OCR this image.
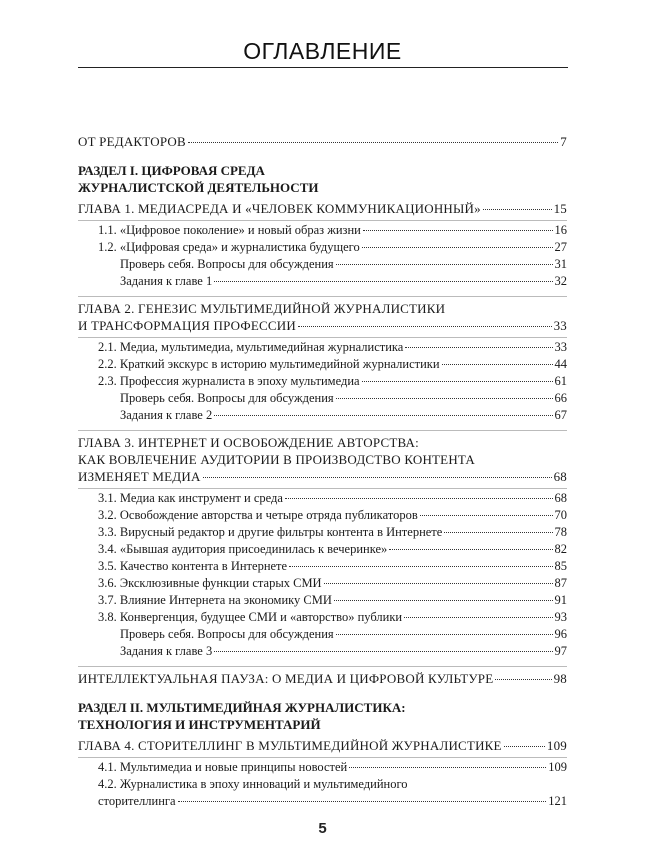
ОГЛАВЛЕНИЕ
ОТ РЕДАКТОРОВ	7
РАЗДЕЛ I. ЦИФРОВАЯ СРЕДА
ЖУРНАЛИСТСКОЙ ДЕЯТЕЛЬНОСТИ
ГЛАВА 1. МЕДИАСРЕДА И «ЧЕЛОВЕК КОММУНИКАЦИОННЫЙ»	15
1.1. «Цифровое поколение» и новый образ жизни	16
1.2. «Цифровая среда» и журналистика будущего	27
Проверь себя. Вопросы для обсуждения	31
Задания к главе 1	32
ГЛАВА 2. ГЕНЕЗИС МУЛЬТИМЕДИЙНОЙ ЖУРНАЛИСТИКИ
И ТРАНСФОРМАЦИЯ ПРОФЕССИИ	33
2.1. Медиа, мультимедиа, мультимедийная журналистика	33
2.2. Краткий экскурс в историю мультимедийной журналистики	44
2.3. Профессия журналиста в эпоху мультимедиа	61
Проверь себя. Вопросы для обсуждения	66
Задания к главе 2	67
ГЛАВА 3. ИНТЕРНЕТ И ОСВОБОЖДЕНИЕ АВТОРСТВА:
КАК ВОВЛЕЧЕНИЕ АУДИТОРИИ В ПРОИЗВОДСТВО КОНТЕНТА
ИЗМЕНЯЕТ МЕДИА	68
3.1. Медиа как инструмент и среда	68
3.2. Освобождение авторства и четыре отряда публикаторов	70
3.3. Вирусный редактор и другие фильтры контента в Интернете	78
3.4. «Бывшая аудитория присоединилась к вечеринке»	82
3.5. Качество контента в Интернете	85
3.6. Эксклюзивные функции старых СМИ	87
3.7. Влияние Интернета на экономику СМИ	91
3.8. Конвергенция, будущее СМИ и «авторство» публики	93
Проверь себя. Вопросы для обсуждения	96
Задания к главе 3	97
ИНТЕЛЛЕКТУАЛЬНАЯ ПАУЗА: О МЕДИА И ЦИФРОВОЙ КУЛЬТУРЕ	98
РАЗДЕЛ II. МУЛЬТИМЕДИЙНАЯ ЖУРНАЛИСТИКА:
ТЕХНОЛОГИЯ И ИНСТРУМЕНТАРИЙ
ГЛАВА 4. СТОРИТЕЛЛИНГ В МУЛЬТИМЕДИЙНОЙ ЖУРНАЛИСТИКЕ	109
4.1. Мультимедиа и новые принципы новостей	109
4.2. Журналистика в эпоху инноваций и мультимедийного
сторителлинга	121
5
